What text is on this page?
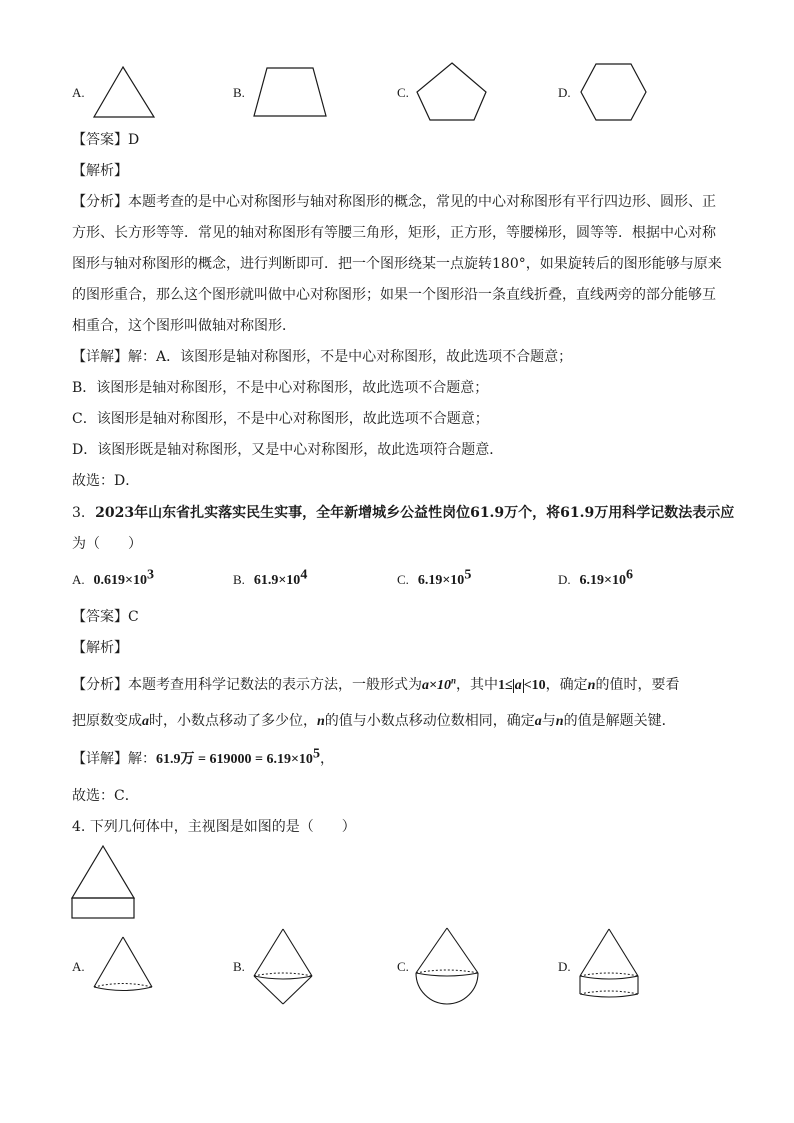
A.	B.	C.	D.
【答案】D
【解析】
【分析】本题考查的是中心对称图形与轴对称图形的概念，常见的中心对称图形有平行四边形、圆形、正
方形、长方形等等．常见的轴对称图形有等腰三角形，矩形，正方形，等腰梯形，圆等等．根据中心对称
图形与轴对称图形的概念，进行判断即可．把一个图形绕某一点旋转180°，如果旋转后的图形能够与原来
的图形重合，那么这个图形就叫做中心对称图形；如果一个图形沿一条直线折叠，直线两旁的部分能够互
相重合，这个图形叫做轴对称图形．
【详解】解：A．该图形是轴对称图形，不是中心对称图形，故此选项不合题意；
B．该图形是轴对称图形，不是中心对称图形，故此选项不合题意；
C．该图形是轴对称图形，不是中心对称图形，故此选项不合题意；
D．该图形既是轴对称图形，又是中心对称图形，故此选项符合题意．
故选：D．
3. 2023年山东省扎实落实民生实事，全年新增城乡公益性岗位61.9万个，将61.9万用科学记数法表示应
为（　　）
A. $0.619\times 10^3$	B. $61.9\times 10^4$	C. $6.19\times 10^5$	D. $6.19\times 10^6$
【答案】C
【解析】
【分析】本题考查用科学记数法的表示方法，一般形式为$a\times 10^n$，其中1≤ a <10，确定n的值时，要看
把原数变成a时，小数点移动了多少位，n的值与小数点移动位数相同，确定a与n的值是解题关键．
【详解】解：61.9万 = $619000 = 6.19\times 10^5$，
故选：C．
4. 下列几何体中，主视图是如图的是（　　）
A.	B.	C.	D.
